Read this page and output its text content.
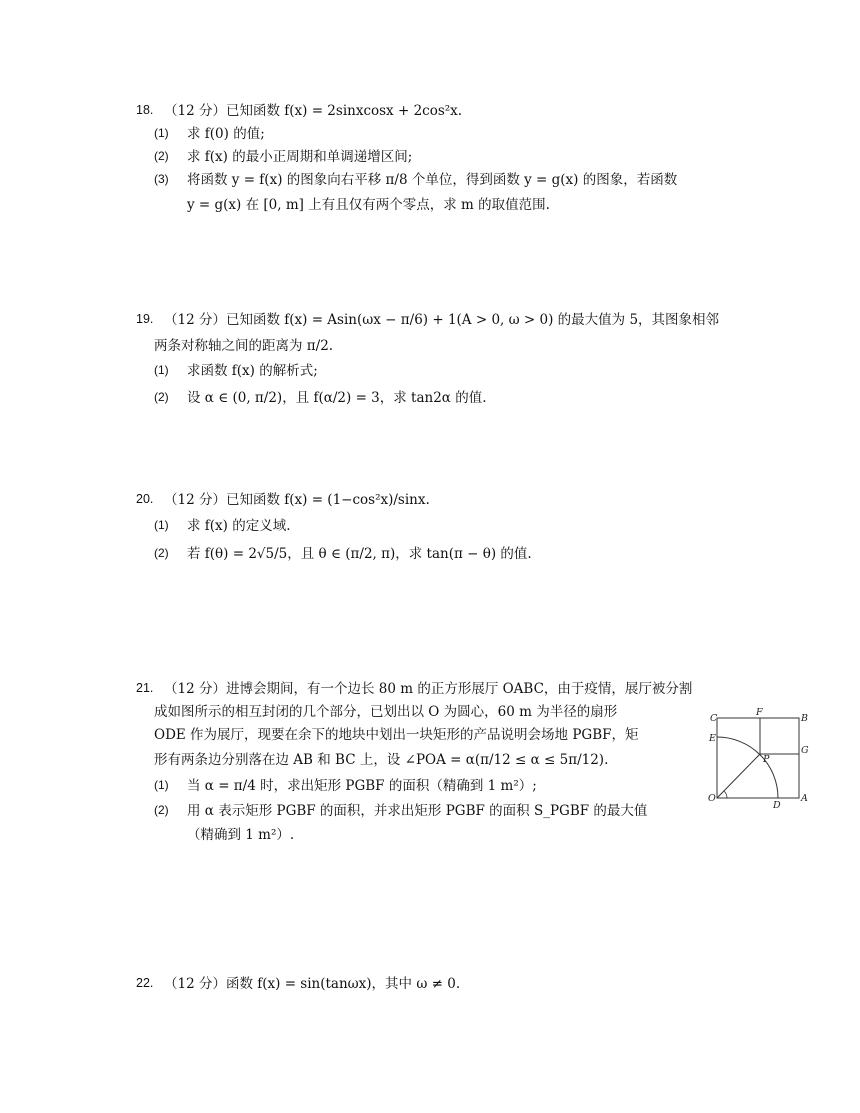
18. （12 分）已知函数 f(x) = 2sinxcosx + 2cos²x.
(1) 求 f(0) 的值;
(2) 求 f(x) 的最小正周期和单调递增区间;
(3) 将函数 y = f(x) 的图象向右平移 π/8 个单位，得到函数 y = g(x) 的图象，若函数
y = g(x) 在 [0, m] 上有且仅有两个零点，求 m 的取值范围.
19. （12 分）已知函数 f(x) = Asin(ωx − π/6) + 1(A > 0, ω > 0) 的最大值为 5，其图象相邻
两条对称轴之间的距离为 π/2.
(1) 求函数 f(x) 的解析式;
(2) 设 α ∈ (0, π/2)，且 f(α/2) = 3，求 tan2α 的值.
20. （12 分）已知函数 f(x) = (1−cos²x)/sinx.
(1) 求 f(x) 的定义域.
(2) 若 f(θ) = 2√5/5，且 θ ∈ (π/2, π)，求 tan(π − θ) 的值.
21. （12 分）进博会期间，有一个边长 80 m 的正方形展厅 OABC，由于疫情，展厅被分割
成如图所示的相互封闭的几个部分，已划出以 O 为圆心，60 m 为半径的扇形
ODE 作为展厅，现要在余下的地块中划出一块矩形的产品说明会场地 PGBF，矩
形有两条边分别落在边 AB 和 BC 上，设 ∠POA = α(π/12 ≤ α ≤ 5π/12).
(1) 当 α = π/4 时，求出矩形 PGBF 的面积（精确到 1 m²）;
(2) 用 α 表示矩形 PGBF 的面积，并求出矩形 PGBF 的面积 S_PGBF 的最大值
（精确到 1 m²）.
C
F
B
E
G
P
O
D
A
22. （12 分）函数 f(x) = sin(tanωx)，其中 ω ≠ 0.
